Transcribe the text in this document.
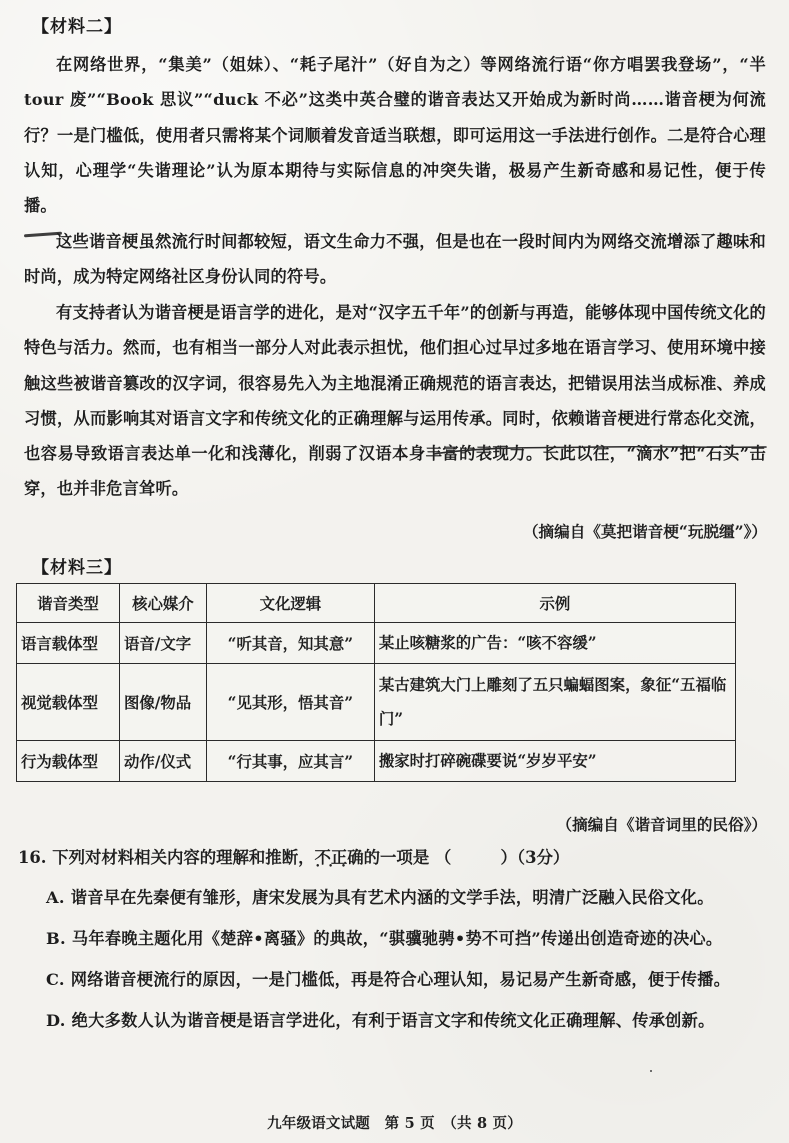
【材料二】
在网络世界，“集美”（姐妹）、“耗子尾汁”（好自为之）等网络流行语“你方唱罢我登场”，“半 tour 废”“Book 思议”“duck 不必”这类中英合璧的谐音表达又开始成为新时尚……谐音梗为何流行？一是门槛低，使用者只需将某个词顺着发音适当联想，即可运用这一手法进行创作。二是符合心理认知，心理学“失谐理论”认为原本期待与实际信息的冲突失谐，极易产生新奇感和易记性，便于传播。
这些谐音梗虽然流行时间都较短，语文生命力不强，但是也在一段时间内为网络交流增添了趣味和时尚，成为特定网络社区身份认同的符号。
有支持者认为谐音梗是语言学的进化，是对“汉字五千年”的创新与再造，能够体现中国传统文化的特色与活力。然而，也有相当一部分人对此表示担忧，他们担心过早过多地在语言学习、使用环境中接触这些被谐音篡改的汉字词，很容易先入为主地混淆正确规范的语言表达，把错误用法当成标准、养成习惯，从而影响其对语言文字和传统文化的正确理解与运用传承。同时，依赖谐音梗进行常态化交流，也容易导致语言表达单一化和浅薄化，削弱了汉语本身丰富的表现力。长此以往，“滴水”把“石头”击穿，也并非危言耸听。
（摘编自《莫把谐音梗“玩脱缰”》）
【材料三】
谐音类型	核心媒介	文化逻辑	示例
语言载体型	语音/文字	“听其音，知其意”	某止咳糖浆的广告：“咳不容缓”
视觉载体型	图像/物品	“见其形，悟其音”	某古建筑大门上雕刻了五只蝙蝠图案，象征“五福临门”
行为载体型	动作/仪式	“行其事，应其言”	搬家时打碎碗碟要说“岁岁平安”
（摘编自《谐音词里的民俗》）
16. 下列对材料相关内容的理解和推断，不正确 • • •的一项是 （　　　）（3分）
A. 谐音早在先秦便有雏形，唐宋发展为具有艺术内涵的文学手法，明清广泛融入民俗文化。
B. 马年春晚主题化用《楚辞•离骚》的典故，“骐骥驰骋•势不可挡”传递出创造奇迹的决心。
C. 网络谐音梗流行的原因，一是门槛低，再是符合心理认知，易记易产生新奇感，便于传播。
D. 绝大多数人认为谐音梗是语言学进化，有利于语言文字和传统文化正确理解、传承创新。
九年级语文试题　第 5 页　（共 8 页）
